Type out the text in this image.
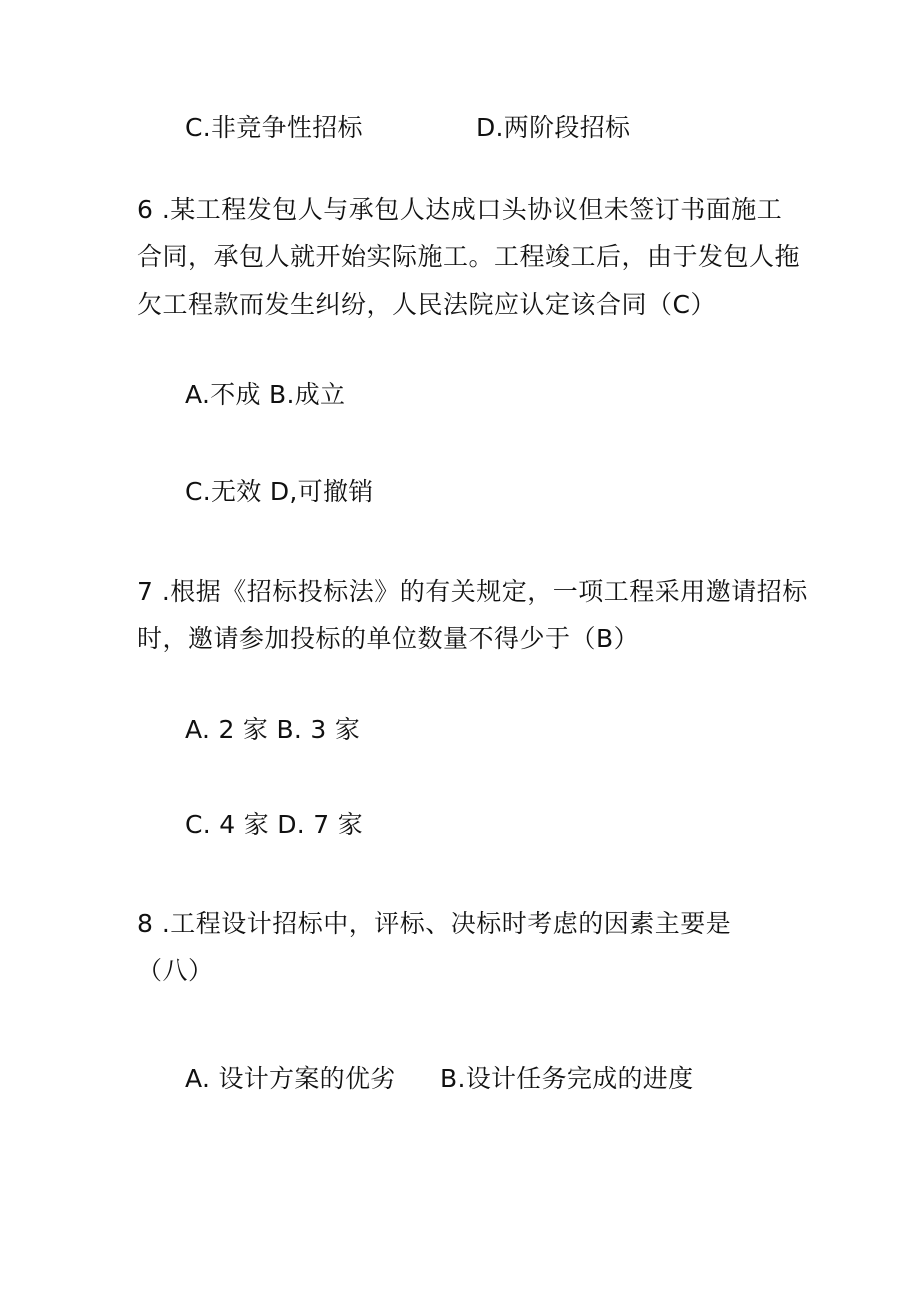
C.非竞争性招标	D.两阶段招标
6 .某工程发包人与承包人达成口头协议但未签订书面施工
合同，承包人就开始实际施工。工程竣工后，由于发包人拖
欠工程款而发生纠纷，人民法院应认定该合同（C）
A.不成 B.成立
C.无效 D,可撤销
7 .根据《招标投标法》的有关规定，一项工程采用邀请招标
时，邀请参加投标的单位数量不得少于（B）
A. 2 家 B. 3 家
C. 4 家 D. 7 家
8 .工程设计招标中，评标、决标时考虑的因素主要是
（八）
A. 设计方案的优劣 B.设计任务完成的进度
